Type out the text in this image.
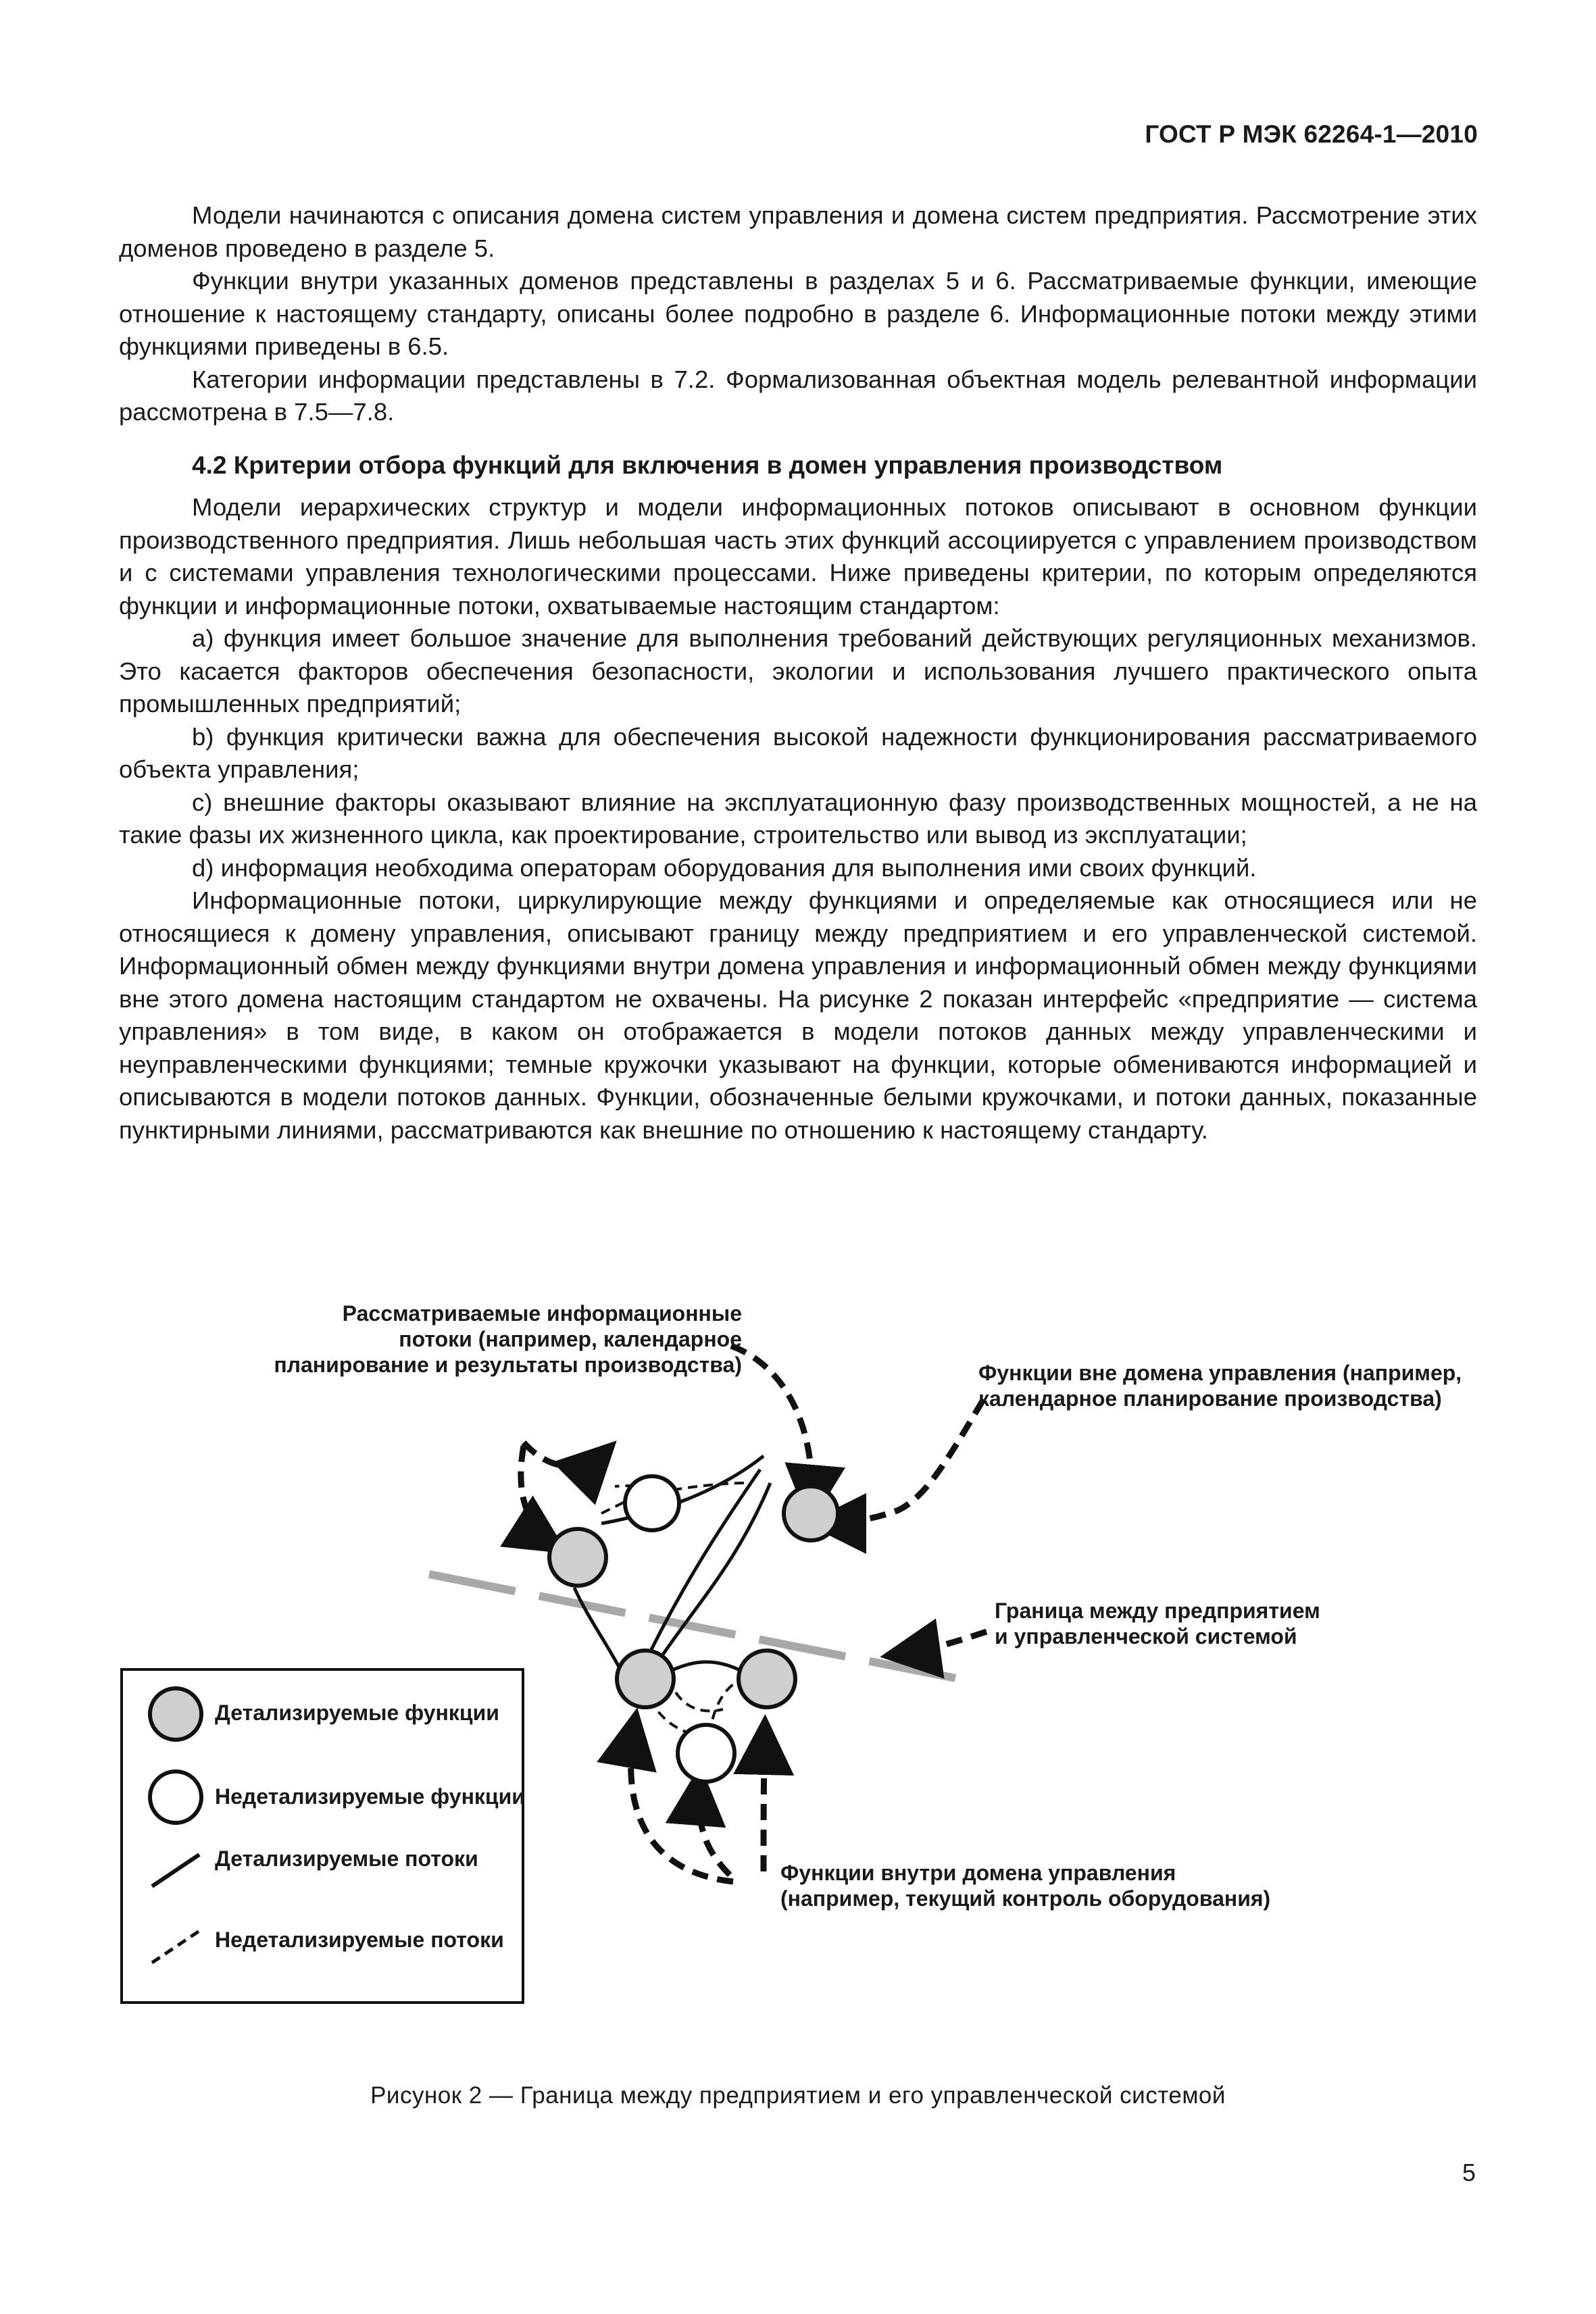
ГОСТ Р МЭК 62264-1—2010

Модели начинаются с описания домена систем управления и домена систем предприятия. Рассмотрение этих доменов проведено в разделе 5.

Функции внутри указанных доменов представлены в разделах 5 и 6. Рассматриваемые функции, имеющие отношение к настоящему стандарту, описаны более подробно в разделе 6. Информационные потоки между этими функциями приведены в 6.5.

Категории информации представлены в 7.2. Формализованная объектная модель релевантной информации рассмотрена в 7.5—7.8.

4.2 Критерии отбора функций для включения в домен управления производством

Модели иерархических структур и модели информационных потоков описывают в основном функции производственного предприятия. Лишь небольшая часть этих функций ассоциируется с управлением производством и с системами управления технологическими процессами. Ниже приведены критерии, по которым определяются функции и информационные потоки, охватываемые настоящим стандартом:

a) функция имеет большое значение для выполнения требований действующих регуляционных механизмов. Это касается факторов обеспечения безопасности, экологии и использования лучшего практического опыта промышленных предприятий;

b) функция критически важна для обеспечения высокой надежности функционирования рассматриваемого объекта управления;

c) внешние факторы оказывают влияние на эксплуатационную фазу производственных мощностей, а не на такие фазы их жизненного цикла, как проектирование, строительство или вывод из эксплуатации;

d) информация необходима операторам оборудования для выполнения ими своих функций.

Информационные потоки, циркулирующие между функциями и определяемые как относящиеся или не относящиеся к домену управления, описывают границу между предприятием и его управленческой системой. Информационный обмен между функциями внутри домена управления и информационный обмен между функциями вне этого домена настоящим стандартом не охвачены. На рисунке 2 показан интерфейс «предприятие — система управления» в том виде, в каком он отображается в модели потоков данных между управленческими и неуправленческими функциями; темные кружочки указывают на функции, которые обмениваются информацией и описываются в модели потоков данных. Функции, обозначенные белыми кружочками, и потоки данных, показанные пунктирными линиями, рассматриваются как внешние по отношению к настоящему стандарту.

Рассматриваемые информационные
потоки (например, календарное
планирование и результаты производства)	Функции вне домена управления (например,
календарное планирование производства)
Граница между предприятием
и управленческой системой
Функции внутри домена управления
(например, текущий контроль оборудования)
Детализируемые функции
Недетализируемые функции
Детализируемые потоки
Недетализируемые потоки
Рисунок 2 — Граница между предприятием и его управленческой системой
5
